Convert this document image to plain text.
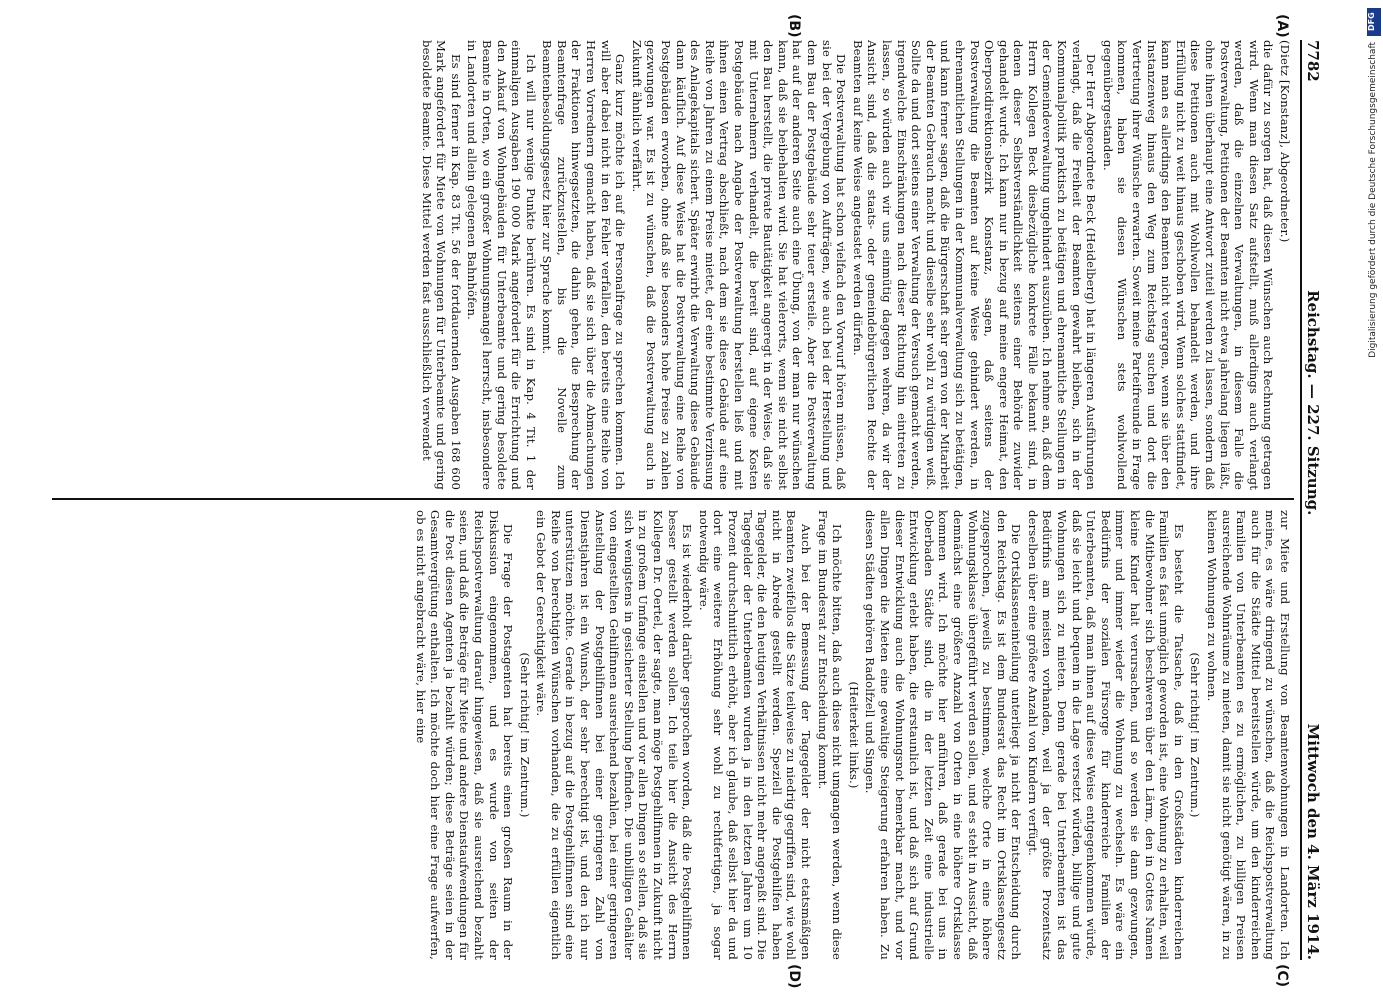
7782
Reichstag. — 227. Sitzung.
Mittwoch den 4. März 1914.
(A)
(B)
(C)
(D)

(Dietz [Konstanz], Abgeordneter.)

die dafür zu sorgen hat, daß diesen Wünschen auch Rechnung getragen wird. Wenn man diesen Satz aufstellt, muß allerdings auch verlangt werden, daß die einzelnen Verwaltungen, in diesem Falle die Postverwaltung, Petitionen der Beamten nicht etwa jahrelang liegen läßt, ohne ihnen überhaupt eine Antwort zuteil werden zu lassen, sondern daß diese Petitionen auch mit Wohlwollen behandelt werden, und ihre Erfüllung nicht zu weit hinaus geschoben wird. Wenn solches stattfindet, kann man es allerdings den Beamten nicht verargen, wenn sie über den Instanzenweg hinaus den Weg zum Reichstag suchen und dort die Vertretung ihrer Wünsche erwarten. Soweit meine Parteifreunde in Frage kommen, haben sie diesen Wünschen stets wohlwollend gegenübergestanden.

Der Herr Abgeordnete Beck (Heidelberg) hat in längeren Ausführungen verlangt, daß die Freiheit der Beamten gewahrt bleiben, sich in der Kommunalpolitik praktisch zu betätigen und ehrenamtliche Stellungen in der Gemeindeverwaltung ungehindert auszuüben. Ich nehme an, daß dem Herrn Kollegen Beck diesbezügliche konkrete Fälle bekannt sind, in denen dieser Selbstverständlichkeit seitens einer Behörde zuwider gehandelt wurde. Ich kann nur in bezug auf meine engere Heimat, den Oberpostdirektionsbezirk Konstanz, sagen, daß seitens der Postverwaltung die Beamten auf keine Weise gehindert werden, in ehrenamtlichen Stellungen in der Kommunalverwaltung sich zu betätigen, und kann ferner sagen, daß die Bürgerschaft sehr gern von der Mitarbeit der Beamten Gebrauch macht und dieselbe sehr wohl zu würdigen weiß. Sollte da und dort seitens einer Verwaltung der Versuch gemacht werden, irgendwelche Einschränkungen nach dieser Richtung hin eintreten zu lassen, so würden auch wir uns einmütig dagegen wehren, da wir der Ansicht sind, daß die staats- oder gemeindebürgerlichen Rechte der Beamten auf keine Weise angetastet werden dürfen.

Die Postverwaltung hat schon vielfach den Vorwurf hören müssen, daß sie bei der Vergebung von Aufträgen, wie auch bei der Herstellung und dem Bau der Postgebäude sehr teuer ersteile. Aber die Postverwaltung hat auf der anderen Seite auch eine Übung, von der man nur wünschen kann, daß sie beibehalten wird. Sie hat vielerorts, wenn sie nicht selbst den Bau herstellt, die private Bautätigkeit angeregt in der Weise, daß sie mit Unternehmern verhandelt, die bereit sind, auf eigene Kosten Postgebäude nach Angabe der Postverwaltung herstellen ließ und mit ihnen einen Vertrag abschließt, nach dem sie diese Gebäude auf eine Reihe von Jahren zu einem Preise mietet, der eine bestimmte Verzinsung des Anlagekapitals sichert. Später erwirbt die Verwaltung diese Gebäude dann käuflich. Auf diese Weise hat die Postverwaltung eine Reihe von Postgebäuden erworben, ohne daß sie besonders hohe Preise zu zahlen gezwungen war. Es ist zu wünschen, daß die Postverwaltung auch in Zukunft ähnlich verfährt.

Ganz kurz möchte ich auf die Personalfrage zu sprechen kommen. Ich will aber dabei nicht in den Fehler verfallen, den bereits eine Reihe von Herren Vorrednern gemacht haben, daß sie sich über die Abmachungen der Fraktionen hinwegsetzten, die dahin gehen, die Besprechung der Beamtenfrage zurückzustellen, bis die Novelle zum Beamtenbesoldungsgesetz hier zur Sprache kommt.

Ich will nur wenige Punkte berühren. Es sind in Kap. 4 Tit. 1 der einmaligen Ausgaben 190 000 Mark angefordert für die Errichtung und den Ankauf von Wohngebäuden für Unterbeamte und gering besoldete Beamte in Orten, wo ein großer Wohnungsmangel herrscht, insbesondere in Landorten und allein gelegenen Bahnhöfen.

Es sind ferner in Kap. 83 Tit. 56 der fortdauernden Ausgaben 168 600 Mark angefordert für Miete von Wohnungen für Unterbeamte und gering besoldete Beamte. Diese Mittel werden fast ausschließlich verwendet

zur Miete und Erstellung von Beamtenwohnungen in Landorten. Ich meine, es wäre dringend zu wünschen, daß die Reichspostverwaltung auch für die Städte Mittel bereitstellen würde, um den kinderreichen Familien von Unterbeamten es zu ermöglichen, zu billigen Preisen ausreichende Wohnräume zu mieten, damit sie nicht genötigt wären, in zu kleinen Wohnungen zu wohnen.

(Sehr richtig! im Zentrum.)

Es besteht die Tatsache, daß in den Großstädten kinderreichen Familien es fast unmöglich geworden ist, eine Wohnung zu erhalten, weil die Mitbewohner sich beschweren über den Lärm, den in Gottes Namen kleine Kinder halt verursachen, und so werden sie dann gezwungen, immer und immer wieder die Wohnung zu wechseln. Es wäre ein Bedürfnis der sozialen Fürsorge für kinderreiche Familien der Unterbeamten, daß man ihnen auf diese Weise entgegenkommen würde, daß sie leicht und bequem in die Lage versetzt würden, billige und gute Wohnungen sich zu mieten. Denn gerade bei Unterbeamten ist das Bedürfnis am meisten vorhanden, weil ja der größte Prozentsatz derselben über eine größere Anzahl von Kindern verfügt.

Die Ortsklasseneinteilung unterliegt ja nicht der Entscheidung durch den Reichstag. Es ist dem Bundesrat das Recht im Ortsklassengesetz zugesprochen, jeweils zu bestimmen, welche Orte in eine höhere Wohnungsklasse übergeführt werden sollen, und es steht in Aussicht, daß demnächst eine größere Anzahl von Orten in eine höhere Ortsklasse kommen wird. Ich möchte hier anführen, daß gerade bei uns in Oberbaden Städte sind, die in der letzten Zeit eine industrielle Entwicklung erlebt haben, die erstaunlich ist, und daß sich auf Grund dieser Entwicklung auch die Wohnungsnot bemerkbar macht, und vor allen Dingen die Mieten eine gewaltige Steigerung erfahren haben. Zu diesen Städten gehören Radolfzell und Singen.

(Heiterkeit links.)

Ich möchte bitten, daß auch diese nicht umgangen werden, wenn diese Frage im Bundesrat zur Entscheidung kommt.

Auch bei der Bemessung der Tagegelder der nicht etatsmäßigen Beamten zweifellos die Sätze teilweise zu niedrig gegriffen sind, wie wohl nicht in Abrede gestellt werden. Speziell die Postgehilfen haben Tagegelder, die den heutigen Verhältnissen nicht mehr angepaßt sind. Die Tagegelder der Unterbeamten wurden ja in den letzten Jahren um 10 Prozent durchschnittlich erhöht, aber ich glaube, daß selbst hier da und dort eine weitere Erhöhung sehr wohl zu rechtfertigen, ja sogar notwendig wäre.

Es ist wiederholt darüber gesprochen worden, daß die Postgehilfinnen besser gestellt werden sollen. Ich teile hier die Ansicht des Herrn Kollegen Dr. Oertel, der sagte, man möge Postgehilfinnen in Zukunft nicht in zu großem Umfange einstellen und vor allen Dingen so stellen, daß sie sich wenigstens in gesicherter Stellung befinden. Die unbilligen Gehälter von eingestellten Gehilfinnen ausreichend bezahlen, bei einer geringeren Anstellung der Postgehilfinnen bei einer geringeren Zahl von Dienstjahren ist ein Wunsch, der sehr berechtigt ist, und den ich nur unterstützen möchte. Gerade in bezug auf die Postgehilfinnen sind eine Reihe von berechtigten Wünschen vorhanden, die zu erfüllen eigentlich ein Gebot der Gerechtigkeit wäre.

(Sehr richtig! im Zentrum.)

Die Frage der Postagenten hat bereits einen großen Raum in der Diskussion eingenommen, und es wurde von seiten der Reichspostverwaltung darauf hingewiesen, daß sie ausreichend bezahlt seien, und daß die Beträge für Miete und andere Dienstaufwendungen für die Post diesen Agenten ja bezahlt würden; diese Beträge seien in der Gesamtvergütung enthalten. Ich möchte doch hier eine Frage aufwerfen, ob es nicht angebracht wäre, hier eine

DFG
Digitalisierung gefördert durch die Deutsche Forschungsgemeinschaft
